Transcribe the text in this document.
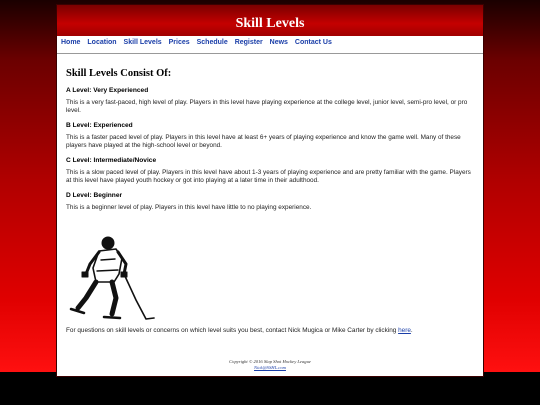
Skill Levels
Home Location Skill Levels Prices Schedule Register News Contact Us
Skill Levels Consist Of:

A Level: Very Experienced

This is a very fast-paced, high level of play. Players in this level have playing experience at the college level, junior level, semi-pro level, or pro level.

B Level: Experienced

This is a faster paced level of play. Players in this level have at least 6+ years of playing experience and know the game well. Many of these players have played at the high-school level or beyond.

C Level: Intermediate/Novice

This is a slow paced level of play. Players in this level have about 1-3 years of playing experience and are pretty familiar with the game. Players at this level have played youth hockey or got into playing at a later time in their adulthood.

D Level: Beginner

This is a beginner level of play. Players in this level have little to no playing experience.

For questions on skill levels or concerns on which level suits you best, contact Nick Mugica or Mike Carter by clicking here.

Copyright © 2016 Slap Shot Hockey League
Nick@SSHL.com
